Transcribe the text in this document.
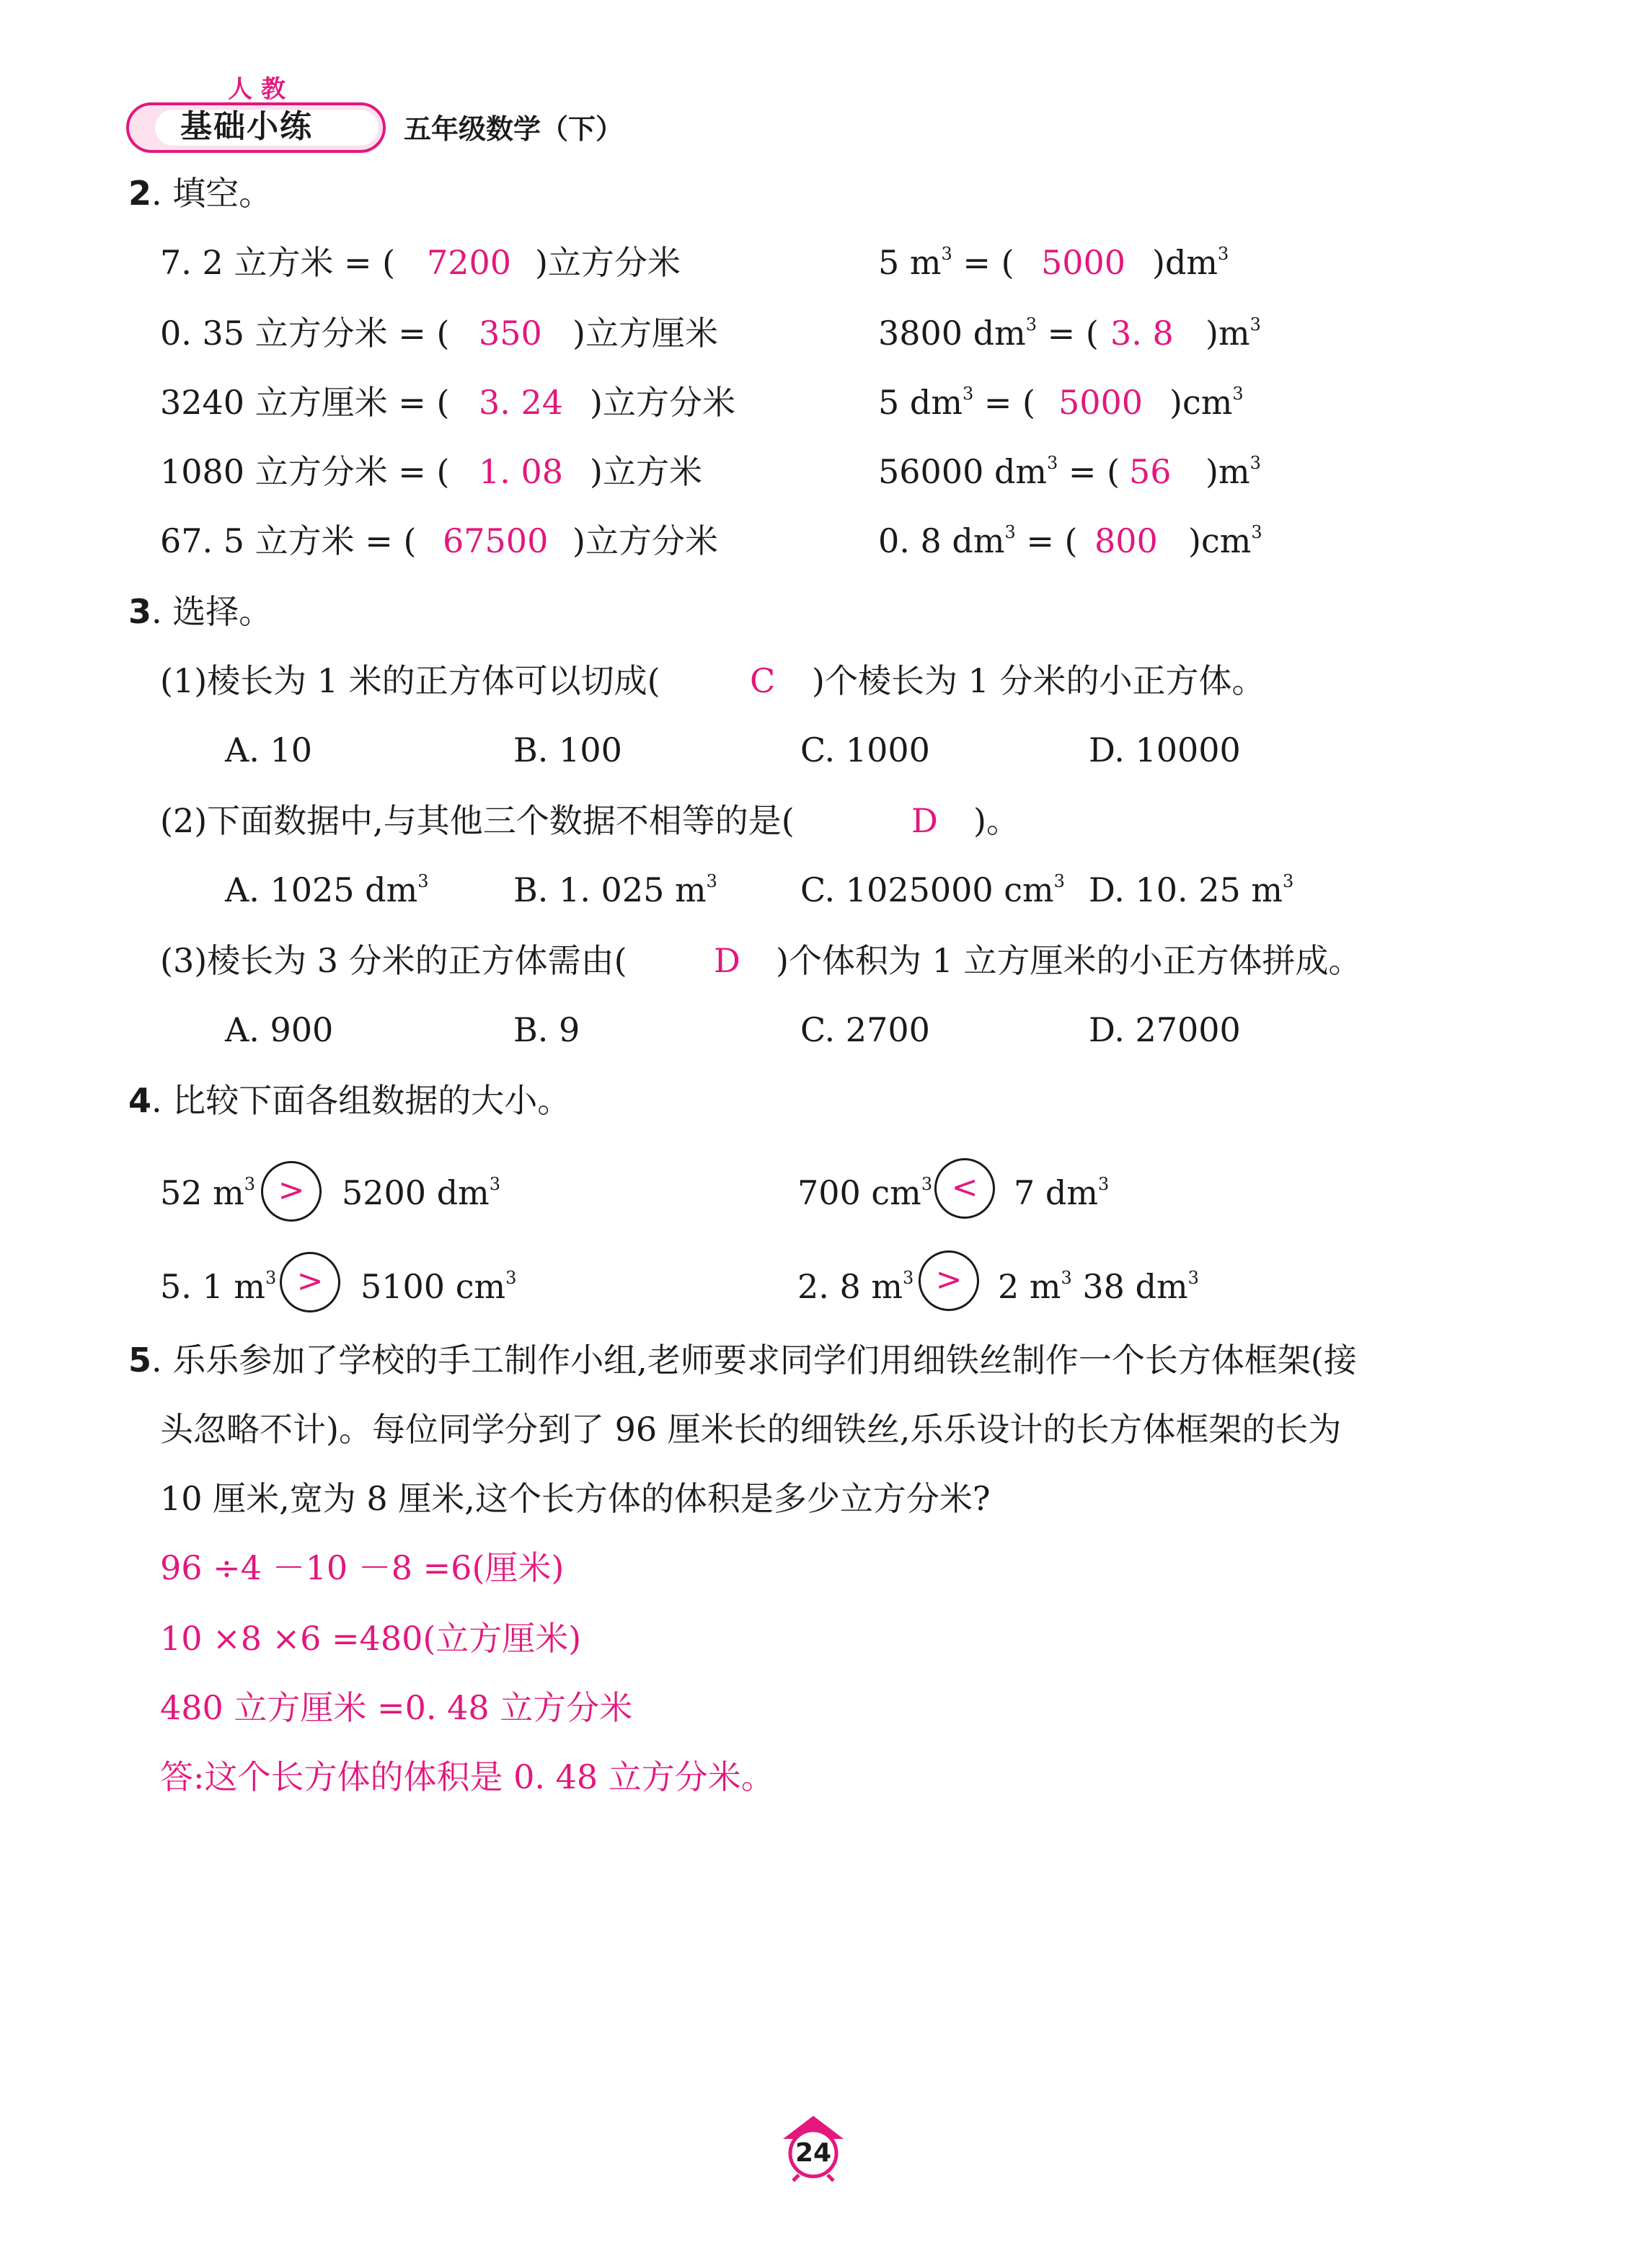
人 教
基础小练	五年级数学（下）
2. 填空。
7. 2 立方米 = ( 7200 )立方分米
0. 35 立方分米 = ( 350 )立方厘米
3240 立方厘米 = ( 3. 24 )立方分米
1080 立方分米 = ( 1. 08 )立方米
67. 5 立方米 = ( 67500 )立方分米
5 $m^3$ = ( 5000 )$dm^3$
3800 $dm^3$ = ( 3. 8 )$m^3$
5 $dm^3$ = ( 5000 )$cm^3$
56000 $dm^3$ = ( 56 )$m^3$
0. 8 $dm^3$ = ( 800 )$cm^3$
3. 选择。
(1)棱长为 1 米的正方体可以切成(	C )个棱长为 1 分米的小正方体。
A. 10	B. 100	C. 1000	D. 10000
(2)下面数据中,与其他三个数据不相等的是(	D )。
A. 1025 $dm^3$	B. 1. 025 $m^3$	C. 1025000 $cm^3$ D. 10. 25 $m^3$
(3)棱长为 3 分米的正方体需由(	D )个体积为 1 立方厘米的小正方体拼成。
A. 900	B. 9	C. 2700	D. 27000
4. 比较下面各组数据的大小。
52 $m^3$ >	5200 $dm^3$	700 $cm^3$ <	7 $dm^3$
5. 1 $m^3$ >	5100 $cm^3$	2. 8 $m^3$ >	2 $m^3$ 38 $dm^3$
5. 乐乐参加了学校的手工制作小组,老师要求同学们用细铁丝制作一个长方体框架(接
头忽略不计)。每位同学分到了 96 厘米长的细铁丝,乐乐设计的长方体框架的长为
10 厘米,宽为 8 厘米,这个长方体的体积是多少立方分米?
96 ÷4 －10 －8 =6(厘米)
10 ×8 ×6 =480(立方厘米)
480 立方厘米 =0. 48 立方分米
答:这个长方体的体积是 0. 48 立方分米。
24
